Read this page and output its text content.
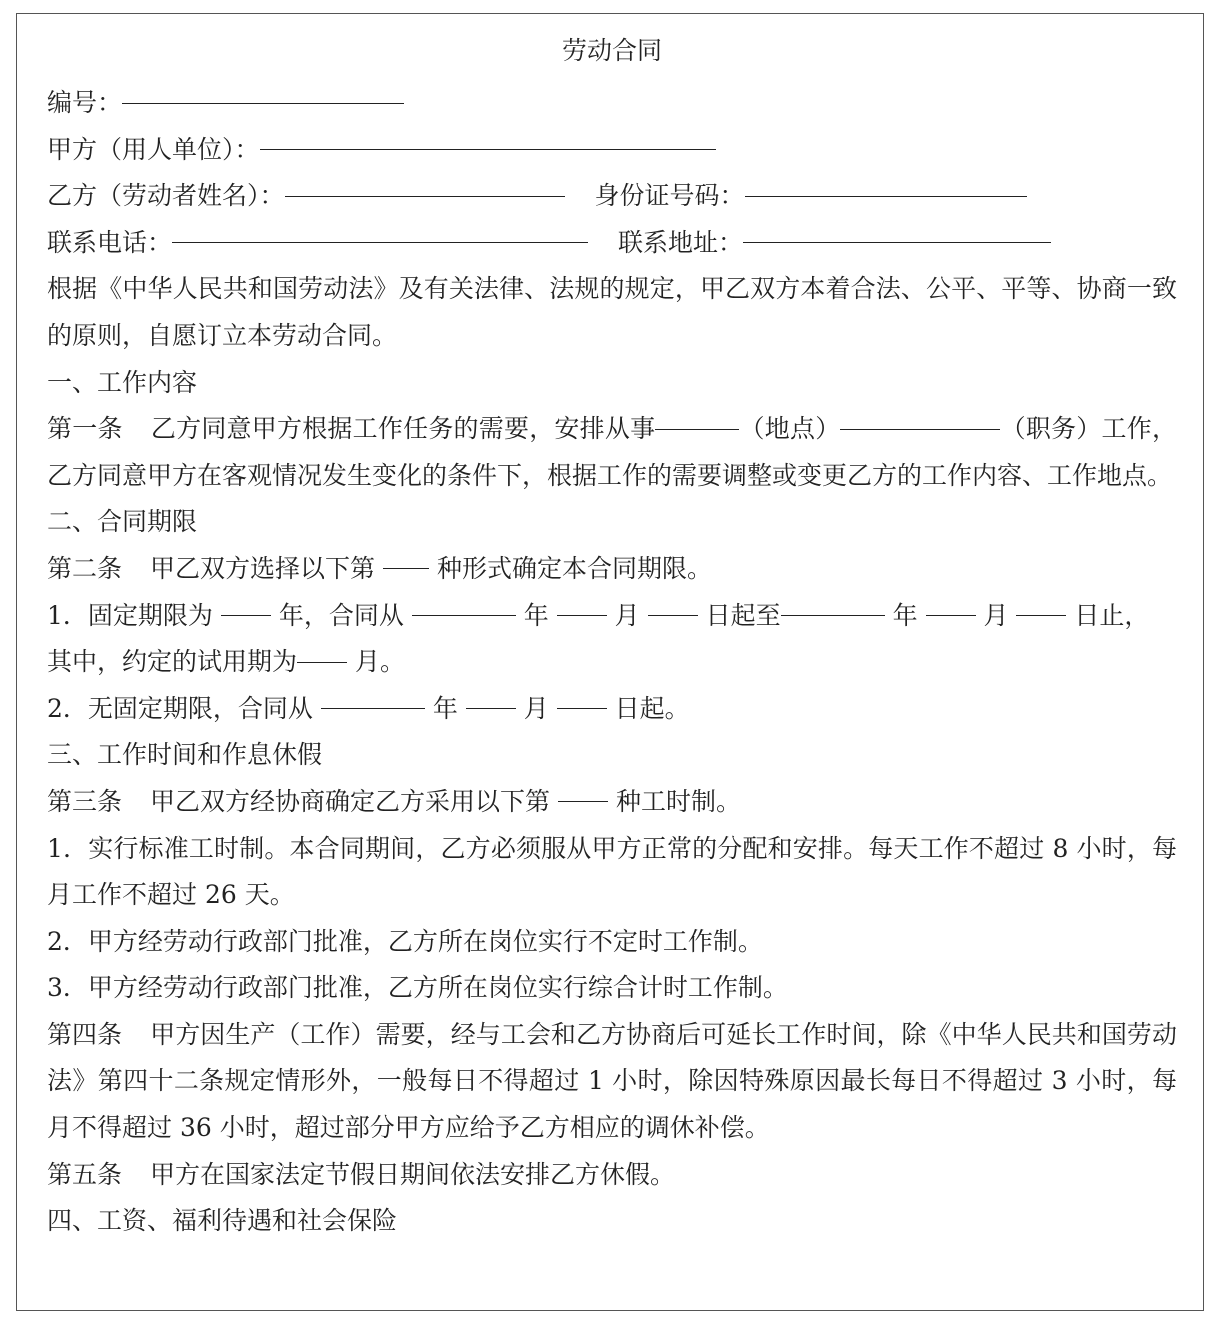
劳动合同
编号：
甲方（用人单位）：
乙方（劳动者姓名）：	身份证号码：
联系电话：	联系地址：
根据《中华人民共和国劳动法》及有关法律、法规的规定，甲乙双方本着合法、公平、平等、协商一致的原则，自愿订立本劳动合同。
一、工作内容
第一条 乙方同意甲方根据工作任务的需要，安排从事	（地点）	（职务）工作，乙方同意甲方在客观情况发生变化的条件下，根据工作的需要调整或变更乙方的工作内容、工作地点。
二、合同期限
第二条 甲乙双方选择以下第 种形式确定本合同期限。
1．固定期限为	年，合同从	年	月	日起至	年	月	日止，
其中，约定的试用期为 月。
2．无固定期限，合同从	年	月	日起。
三、工作时间和作息休假
第三条 甲乙双方经协商确定乙方采用以下第	种工时制。
1．实行标准工时制。本合同期间，乙方必须服从甲方正常的分配和安排。每天工作不超过 8 小时，每月工作不超过 26 天。
2．甲方经劳动行政部门批准，乙方所在岗位实行不定时工作制。
3．甲方经劳动行政部门批准，乙方所在岗位实行综合计时工作制。
第四条 甲方因生产（工作）需要，经与工会和乙方协商后可延长工作时间，除《中华人民共和国劳动法》第四十二条规定情形外，一般每日不得超过 1 小时，除因特殊原因最长每日不得超过 3 小时，每月不得超过 36 小时，超过部分甲方应给予乙方相应的调休补偿。
第五条 甲方在国家法定节假日期间依法安排乙方休假。
四、工资、福利待遇和社会保险
